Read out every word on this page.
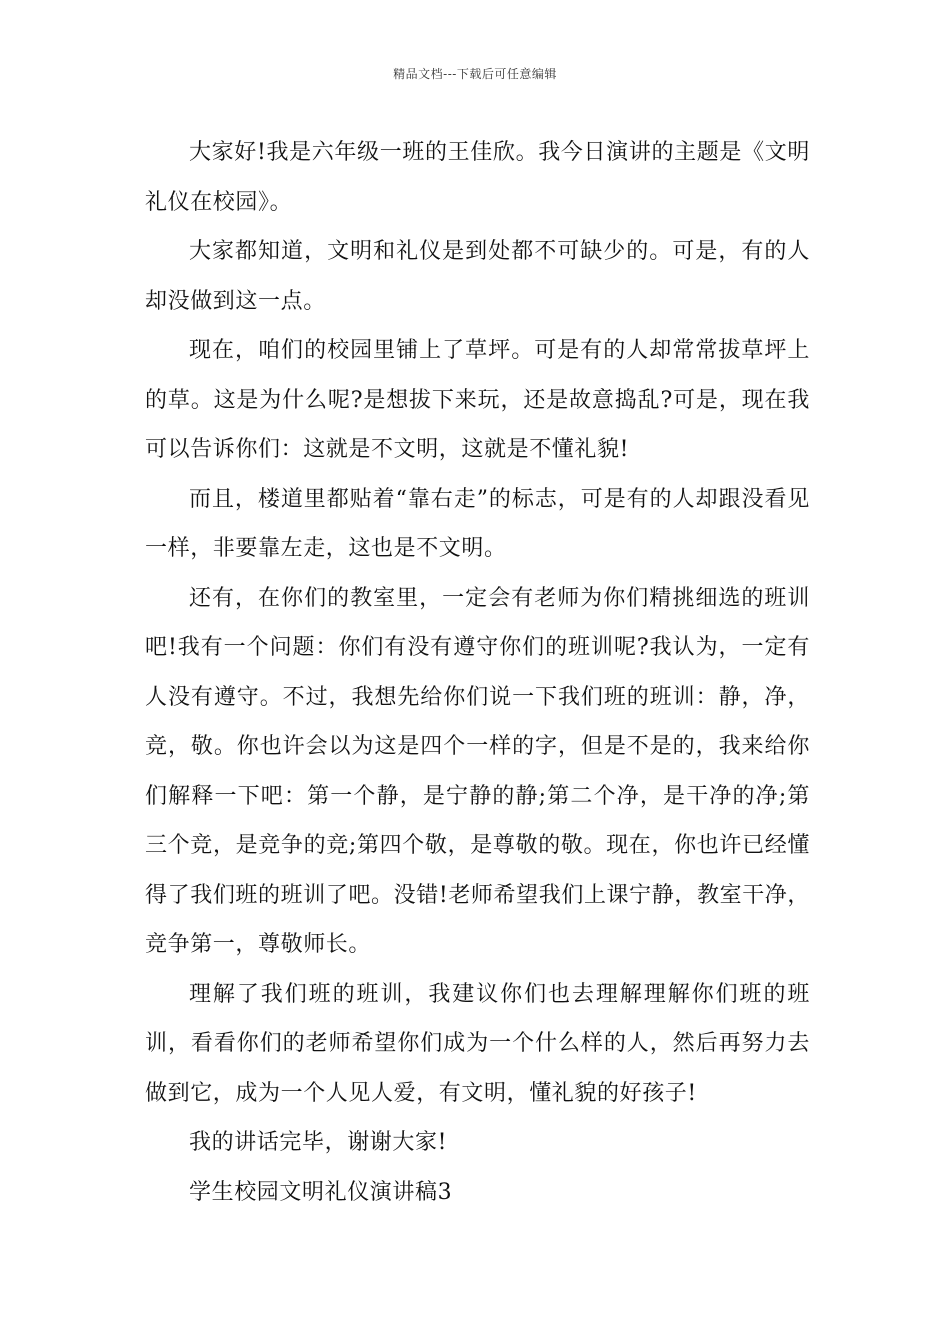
精品文档---下载后可任意编辑

大家好!我是六年级一班的王佳欣。我今日演讲的主题是《文明礼仪在校园》。

大家都知道，文明和礼仪是到处都不可缺少的。可是，有的人却没做到这一点。

现在，咱们的校园里铺上了草坪。可是有的人却常常拔草坪上的草。这是为什么呢?是想拔下来玩，还是故意捣乱?可是，现在我可以告诉你们：这就是不文明，这就是不懂礼貌!

而且，楼道里都贴着“靠右走”的标志，可是有的人却跟没看见一样，非要靠左走，这也是不文明。

还有，在你们的教室里，一定会有老师为你们精挑细选的班训吧!我有一个问题：你们有没有遵守你们的班训呢?我认为，一定有人没有遵守。不过，我想先给你们说一下我们班的班训：静，净，竞，敬。你也许会以为这是四个一样的字，但是不是的，我来给你们解释一下吧：第一个静，是宁静的静;第二个净，是干净的净;第三个竞，是竞争的竞;第四个敬，是尊敬的敬。现在，你也许已经懂得了我们班的班训了吧。没错!老师希望我们上课宁静，教室干净，竞争第一，尊敬师长。

理解了我们班的班训，我建议你们也去理解理解你们班的班训，看看你们的老师希望你们成为一个什么样的人，然后再努力去做到它，成为一个人见人爱，有文明，懂礼貌的好孩子!

我的讲话完毕，谢谢大家!

学生校园文明礼仪演讲稿3
